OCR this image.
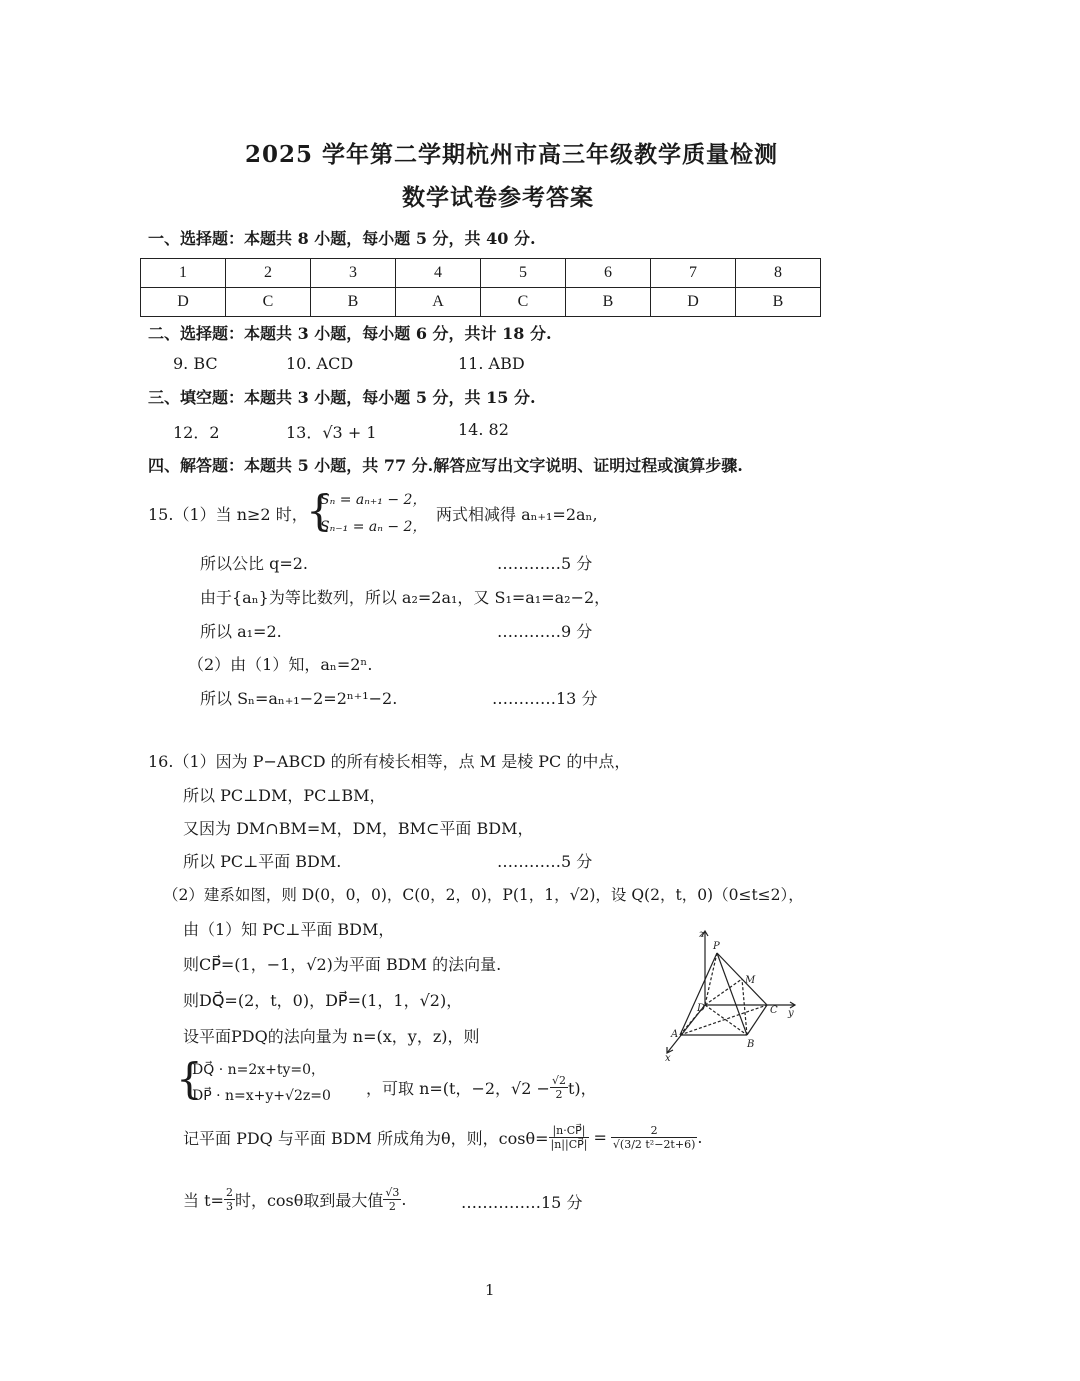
2025 学年第二学期杭州市高三年级教学质量检测
数学试卷参考答案
一、选择题：本题共 8 小题，每小题 5 分，共 40 分.
1	2	3	4	5	6	7	8
D	C	B	A	C	B	D	B
二、选择题：本题共 3 小题，每小题 6 分，共计 18 分.
9. BC	10. ACD	11. ABD
三、填空题：本题共 3 小题，每小题 5 分，共 15 分.
12．2	13．√3 + 1	14. 82
四、解答题：本题共 5 小题，共 77 分.解答应写出文字说明、证明过程或演算步骤.
15.（1）当 n≥2 时，
{
Sₙ = aₙ₊₁ − 2，
Sₙ₋₁ = aₙ − 2，
两式相减得 aₙ₊₁=2aₙ,
所以公比 q=2.	…………5 分
由于{aₙ}为等比数列，所以 a₂=2a₁，又 S₁=a₁=a₂−2，
所以 a₁=2.	…………9 分
（2）由（1）知，aₙ=2ⁿ.
所以 Sₙ=aₙ₊₁−2=2ⁿ⁺¹−2.	…………13 分
16.（1）因为 P−ABCD 的所有棱长相等，点 M 是棱 PC 的中点，
所以 PC⊥DM，PC⊥BM，
又因为 DM∩BM=M，DM，BM⊂平面 BDM，
所以 PC⊥平面 BDM.	…………5 分
（2）建系如图，则 D(0，0，0)，C(0，2，0)，P(1，1，√2)，设 Q(2，t，0)（0≤t≤2），
由（1）知 PC⊥平面 BDM，
则CP⃗=(1，−1，√2)为平面 BDM 的法向量.
则DQ⃗=(2，t，0)，DP⃗=(1，1，√2)，
设平面PDQ的法向量为 n=(x，y，z)，则
{
DQ⃗ · n=2x+ty=0，
DP⃗ · n=x+y+√2z=0 ，可取 n=(t，−2，$√2 - \frac{√2}{2} t$)，
记平面 PDQ 与平面 BDM 所成角为θ，则，$\cos\theta= \frac{|n\cdot CP⃗|}{|n||CP⃗|} = \frac{2}{\text{√(3/2 t²−2t+6)}}$ .
当 $t= \frac{2}{3}$ 时，cosθ取到最大值 $\frac{√3}{2}$ .	……………15 分
z
P
M
D	C y
A
B
x
1
